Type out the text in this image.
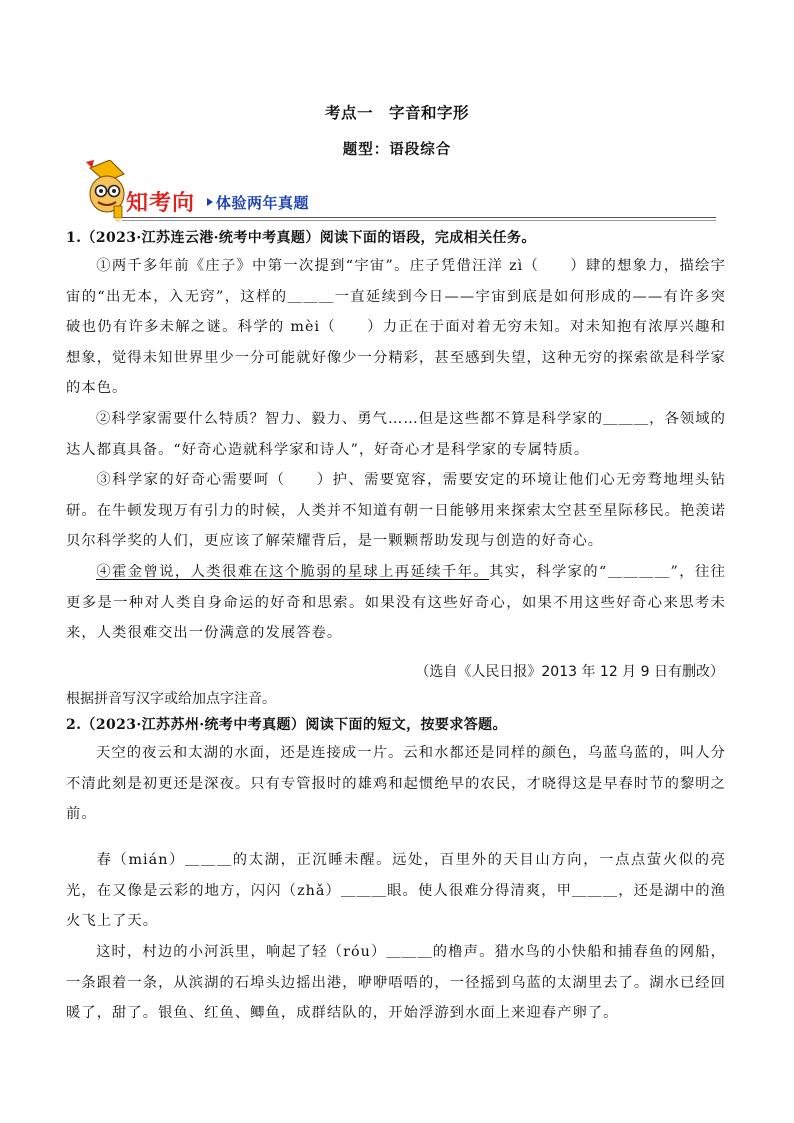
考点一　字音和字形
题型：语段综合
知考向 体验两年真题
1.（2023·江苏连云港·统考中考真题）阅读下面的语段，完成相关任务。
①两千多年前《庄子》中第一次提到“宇宙”。庄子凭借汪洋 zì（　　）肆的想象力，描绘宇宙的“出无本，入无窍”，这样的＿＿＿一直延续到今日——宇宙到底是如何形成的——有许多突破也仍有许多未解之谜。科学的 mèi（　　）力正在于面对着无穷未知。对未知抱有浓厚兴趣和想象，觉得未知世界里少一分可能就好像少一分精彩，甚至感到失望，这种无穷的探索欲是科学家的本色。
②科学家需要什么特质？智力、毅力、勇气……但是这些都不算是科学家的＿＿＿，各领域的达人都真具备。“好奇心造就科学家和诗人”，好奇心才是科学家的专属特质。
③科学家的好奇心需要呵（　　）护、需要宽容，需要安定的环境让他们心无旁骛地埋头钻研。在牛顿发现万有引力的时候，人类并不知道有朝一日能够用来探索太空甚至星际移民。艳羡诺贝尔科学奖的人们，更应该了解荣耀背后，是一颗颗帮助发现与创造的好奇心。
④霍金曾说，人类很难在这个脆弱的星球上再延续千年。其实，科学家的“＿＿＿＿”，往往更多是一种对人类自身命运的好奇和思索。如果没有这些好奇心，如果不用这些好奇心来思考未来，人类很难交出一份满意的发展答卷。
（选自《人民日报》2013 年 12 月 9 日有删改）
根据拼音写汉字或给加点字注音。
2.（2023·江苏苏州·统考中考真题）阅读下面的短文，按要求答题。
天空的夜云和太湖的水面，还是连接成一片。云和水都还是同样的颜色，乌蓝乌蓝的，叫人分不清此刻是初更还是深夜。只有专管报时的雄鸡和起惯绝早的农民，才晓得这是早春时节的黎明之前。
春（mián）＿＿＿的太湖，正沉睡未醒。远处，百里外的天目山方向，一点点萤火似的亮光，在又像是云彩的地方，闪闪（zhǎ）＿＿＿眼。使人很难分得清爽，甲＿＿＿，还是湖中的渔火飞上了天。
这时，村边的小河浜里，响起了轻（róu）＿＿＿的橹声。猎水鸟的小快船和捕春鱼的网船，一条跟着一条，从滨湖的石埠头边摇出港，咿咿唔唔的，一径摇到乌蓝的太湖里去了。湖水已经回暖了，甜了。银鱼、红鱼、鲫鱼，成群结队的，开始浮游到水面上来迎春产卵了。
